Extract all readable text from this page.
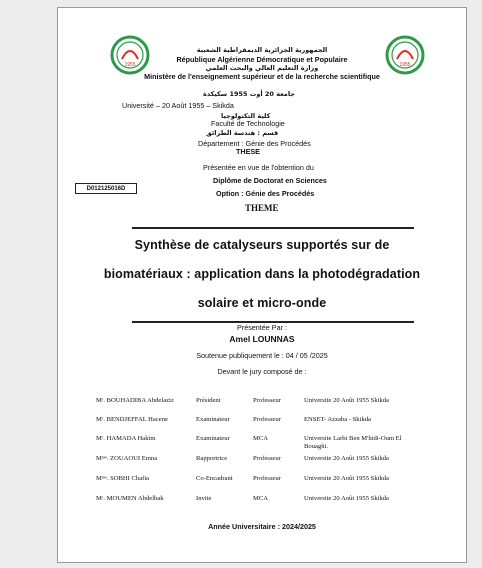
1955	1955
الجمهورية الجزائرية الديمقراطية الشعبية
République Algérienne Démocratique et Populaire
وزارة التعليم العالي والبحث العلمي
Ministère de l'enseignement supérieur et de la recherche scientifique
جامعة 20 أوت 1955 سكيكدة
Université – 20 Août 1955 – Skikda
كلية التكنولوجيا
Faculté de Technologie
قسم : هندسة الطرائق
Département : Génie des Procédés
THESE
Présentée en vue de l'obtention du
Diplôme de Doctorat en Sciences
Option : Génie des Procédés
D012125016D
THEME
Synthèse de catalyseurs supportés sur de
biomatériaux : application dans la photodégradation
solaire et micro-onde
Présentée Par :
Amel LOUNNAS
Soutenue publiquement le : 04 / 05 /2025
Devant le jury composé de :
Mʳ. BOUHADIBA Abdelaziz	Président	Professeur	Universite 20 Août 1955 Skikda
Mʳ. BENDJEFFAL Hacene	Examinateur	Professeur	ENSET- Azzaba - Skikda
Mʳ. HAMADA Hakim	Examinateur	MCA	Universite Larbi Ben M'hidi-Oum El Bouaghi.
Mᵐᵉ. ZOUAOUI Emna	Rapportrice	Professeur	Universite 20 Août 1955 Skikda
Mᵐᵉ. SOBHI Chafia	Co-Encadrant	Professeur	Universite 20 Août 1955 Skikda
Mʳ. MOUMEN Abdelhak	Invite	MCA	Universite 20 Août 1955 Skikda
Année Universitaire : 2024/2025
